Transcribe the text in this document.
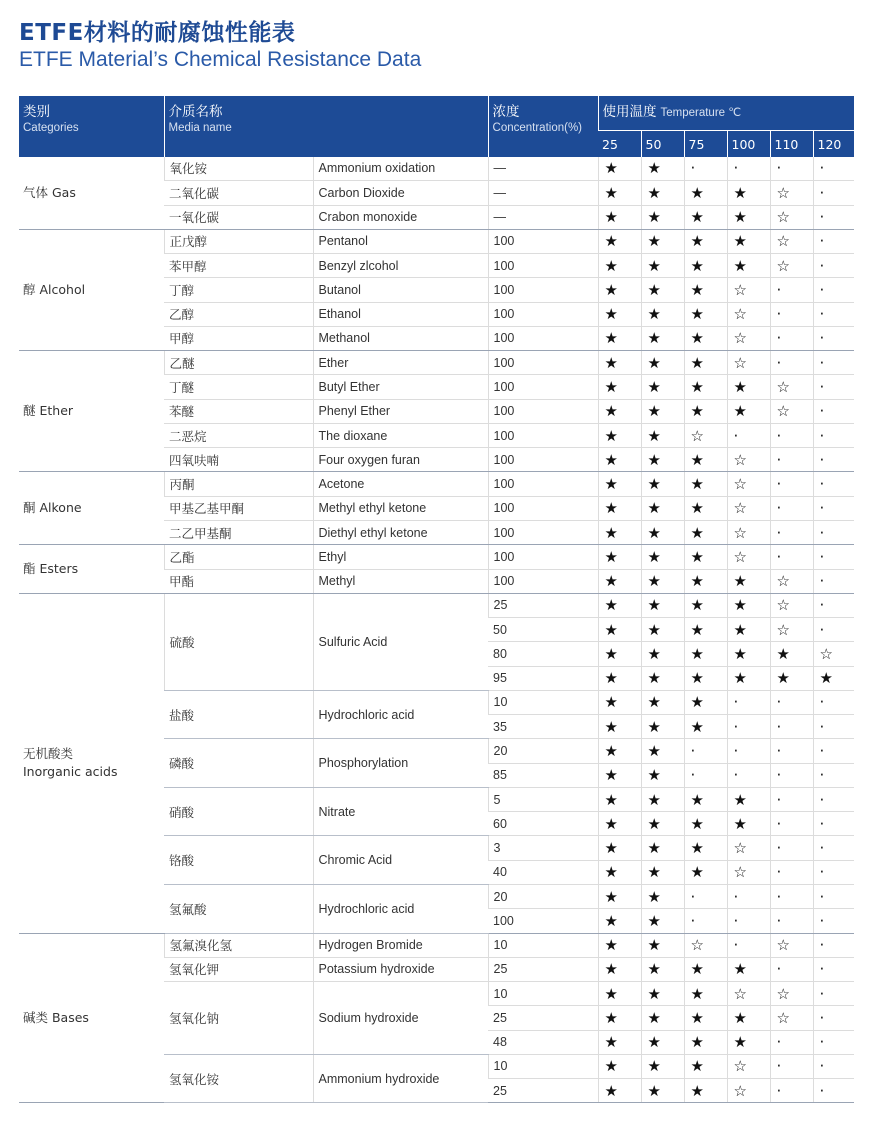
ETFE材料的耐腐蚀性能表
ETFE Material’s Chemical Resistance Data
类别
Categories	介质名称
Media name		浓度
Concentration(%)	使用温度 Temperature ℃					
				25	50	75	100	110	120
气体 Gas	氧化铵	Ammonium oxidation	—	★	★	·	·	·	·
	二氧化碳	Carbon Dioxide	—	★	★	★	★	☆	·
	一氧化碳	Crabon monoxide	—	★	★	★	★	☆	·
醇 Alcohol	正戊醇	Pentanol	100	★	★	★	★	☆	·
	苯甲醇	Benzyl zlcohol	100	★	★	★	★	☆	·
	丁醇	Butanol	100	★	★	★	☆	·	·
	乙醇	Ethanol	100	★	★	★	☆	·	·
	甲醇	Methanol	100	★	★	★	☆	·	·
醚 Ether	乙醚	Ether	100	★	★	★	☆	·	·
	丁醚	Butyl Ether	100	★	★	★	★	☆	·
	苯醚	Phenyl Ether	100	★	★	★	★	☆	·
	二恶烷	The dioxane	100	★	★	☆	·	·	·
	四氧呋喃	Four oxygen furan	100	★	★	★	☆	·	·
酮 Alkone	丙酮	Acetone	100	★	★	★	☆	·	·
	甲基乙基甲酮	Methyl ethyl ketone	100	★	★	★	☆	·	·
	二乙甲基酮	Diethyl ethyl ketone	100	★	★	★	☆	·	·
酯 Esters	乙酯	Ethyl	100	★	★	★	☆	·	·
	甲酯	Methyl	100	★	★	★	★	☆	·
无机酸类
Inorganic acids	硫酸	Sulfuric Acid	25	★	★	★	★	☆	·
			50	★	★	★	★	☆	·
			80	★	★	★	★	★	☆
			95	★	★	★	★	★	★
	盐酸	Hydrochloric acid	10	★	★	★	·	·	·
			35	★	★	★	·	·	·
	磷酸	Phosphorylation	20	★	★	·	·	·	·
			85	★	★	·	·	·	·
	硝酸	Nitrate	5	★	★	★	★	·	·
			60	★	★	★	★	·	·
	铬酸	Chromic Acid	3	★	★	★	☆	·	·
			40	★	★	★	☆	·	·
	氢氟酸	Hydrochloric acid	20	★	★	·	·	·	·
			100	★	★	·	·	·	·
碱类 Bases	氢氟溴化氢	Hydrogen Bromide	10	★	★	☆	·	☆	·
	氢氧化钾	Potassium hydroxide	25	★	★	★	★	·	·
	氢氧化钠	Sodium hydroxide	10	★	★	★	☆	☆	·
			25	★	★	★	★	☆	·
			48	★	★	★	★	·	·
	氢氧化铵	Ammonium hydroxide	10	★	★	★	☆	·	·
			25	★	★	★	☆	·	·
